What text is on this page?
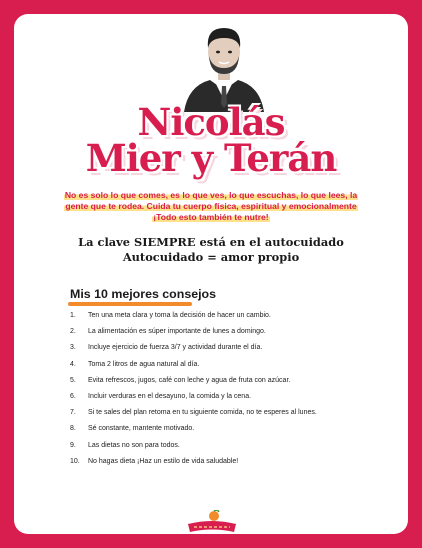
Nicolás
Mier y Terán
No es solo lo que comes, es lo que ves, lo que escuchas, lo que lees, la gente que te rodea. Cuida tu cuerpo física, espiritual y emocionalmente ¡Todo esto también te nutre!
La clave SIEMPRE está en el autocuidado
Autocuidado = amor propio
Mis 10 mejores consejos
1.	Ten una meta clara y toma la decisión de hacer un cambio.
2.	La alimentación es súper importante de lunes a domingo.
3.	Incluye ejercicio de fuerza 3/7 y actividad durante el día.
4.	Toma 2 litros de agua natural al día.
5.	Evita refrescos, jugos, café con leche y agua de fruta con azúcar.
6.	Incluir verduras en el desayuno, la comida y la cena.
7.	Si te sales del plan retoma en tu siguiente comida, no te esperes al lunes.
8.	Sé constante, mantente motivado.
9.	Las dietas no son para todos.
10.	No hagas dieta ¡Haz un estilo de vida saludable!
